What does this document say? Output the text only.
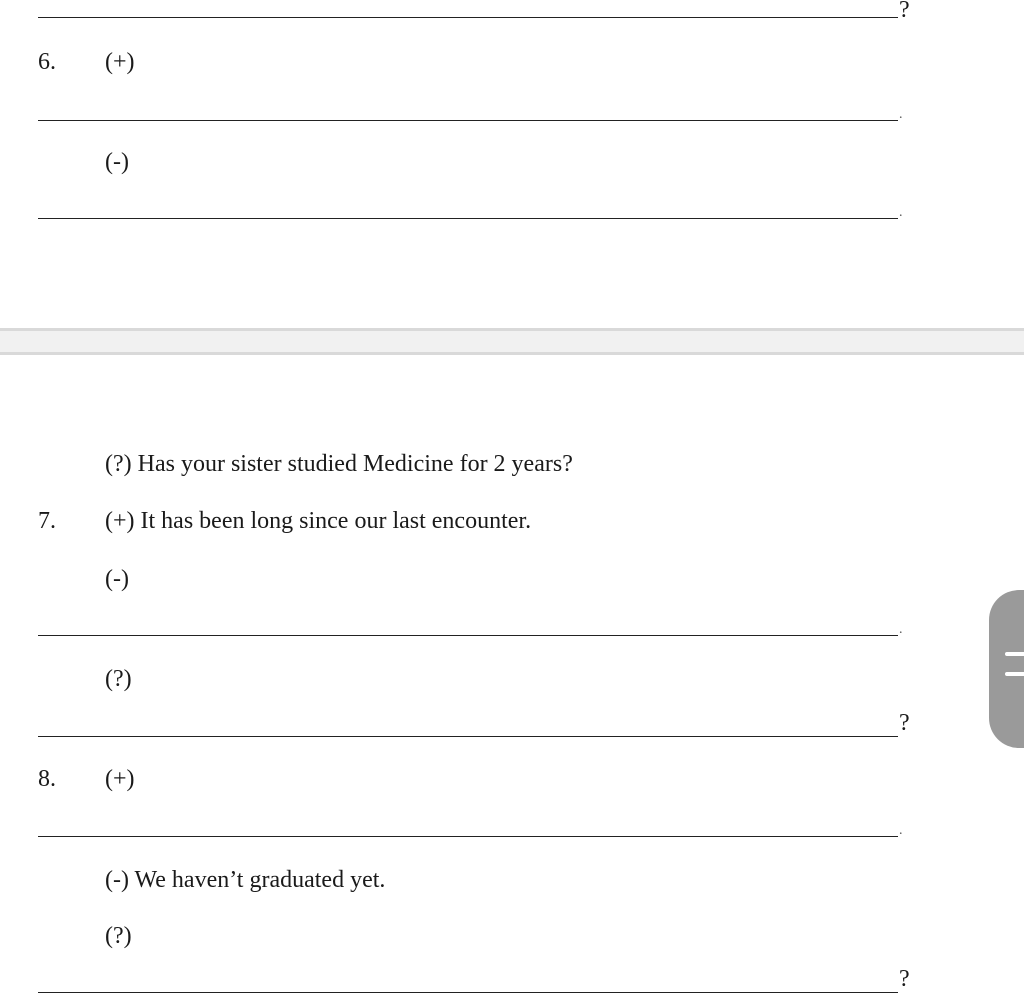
?
6. (+)
.
(-)
.
(?) Has your sister studied Medicine for 2 years?
7. (+) It has been long since our last encounter.
(-)
.
(?)
?
8. (+)
.
(-) We haven’t graduated yet.
(?)
?
